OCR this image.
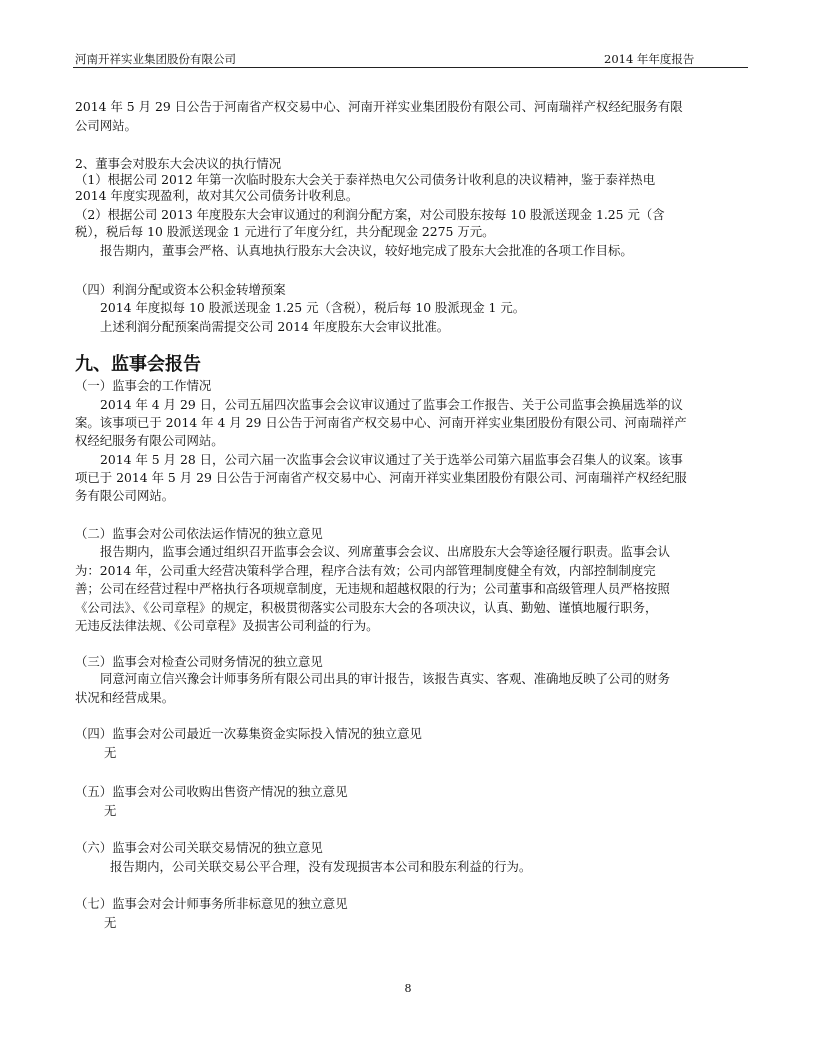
河南开祥实业集团股份有限公司	2014 年年度报告
2014 年 5 月 29 日公告于河南省产权交易中心、河南开祥实业集团股份有限公司、河南瑞祥产权经纪服务有限
公司网站。
2、董事会对股东大会决议的执行情况
（1）根据公司 2012 年第一次临时股东大会关于泰祥热电欠公司债务计收利息的决议精神，鉴于泰祥热电
2014 年度实现盈利，故对其欠公司债务计收利息。
（2）根据公司 2013 年度股东大会审议通过的利润分配方案，对公司股东按每 10 股派送现金 1.25 元（含
税），税后每 10 股派送现金 1 元进行了年度分红，共分配现金 2275 万元。
报告期内，董事会严格、认真地执行股东大会决议，较好地完成了股东大会批准的各项工作目标。
（四）利润分配或资本公积金转增预案
2014 年度拟每 10 股派送现金 1.25 元（含税），税后每 10 股派现金 1 元。
上述利润分配预案尚需提交公司 2014 年度股东大会审议批准。
九、监事会报告
（一）监事会的工作情况
2014 年 4 月 29 日，公司五届四次监事会会议审议通过了监事会工作报告、关于公司监事会换届选举的议
案。该事项已于 2014 年 4 月 29 日公告于河南省产权交易中心、河南开祥实业集团股份有限公司、河南瑞祥产
权经纪服务有限公司网站。
2014 年 5 月 28 日，公司六届一次监事会会议审议通过了关于选举公司第六届监事会召集人的议案。该事
项已于 2014 年 5 月 29 日公告于河南省产权交易中心、河南开祥实业集团股份有限公司、河南瑞祥产权经纪服
务有限公司网站。
（二）监事会对公司依法运作情况的独立意见
报告期内，监事会通过组织召开监事会会议、列席董事会会议、出席股东大会等途径履行职责。监事会认
为：2014 年，公司重大经营决策科学合理，程序合法有效；公司内部管理制度健全有效，内部控制制度完
善；公司在经营过程中严格执行各项规章制度，无违规和超越权限的行为；公司董事和高级管理人员严格按照
《公司法》、《公司章程》的规定，积极贯彻落实公司股东大会的各项决议，认真、勤勉、谨慎地履行职务，
无违反法律法规、《公司章程》及损害公司利益的行为。
（三）监事会对检查公司财务情况的独立意见
同意河南立信兴豫会计师事务所有限公司出具的审计报告，该报告真实、客观、准确地反映了公司的财务
状况和经营成果。
（四）监事会对公司最近一次募集资金实际投入情况的独立意见
无
（五）监事会对公司收购出售资产情况的独立意见
无
（六）监事会对公司关联交易情况的独立意见
报告期内，公司关联交易公平合理，没有发现损害本公司和股东利益的行为。
（七）监事会对会计师事务所非标意见的独立意见
无
8
